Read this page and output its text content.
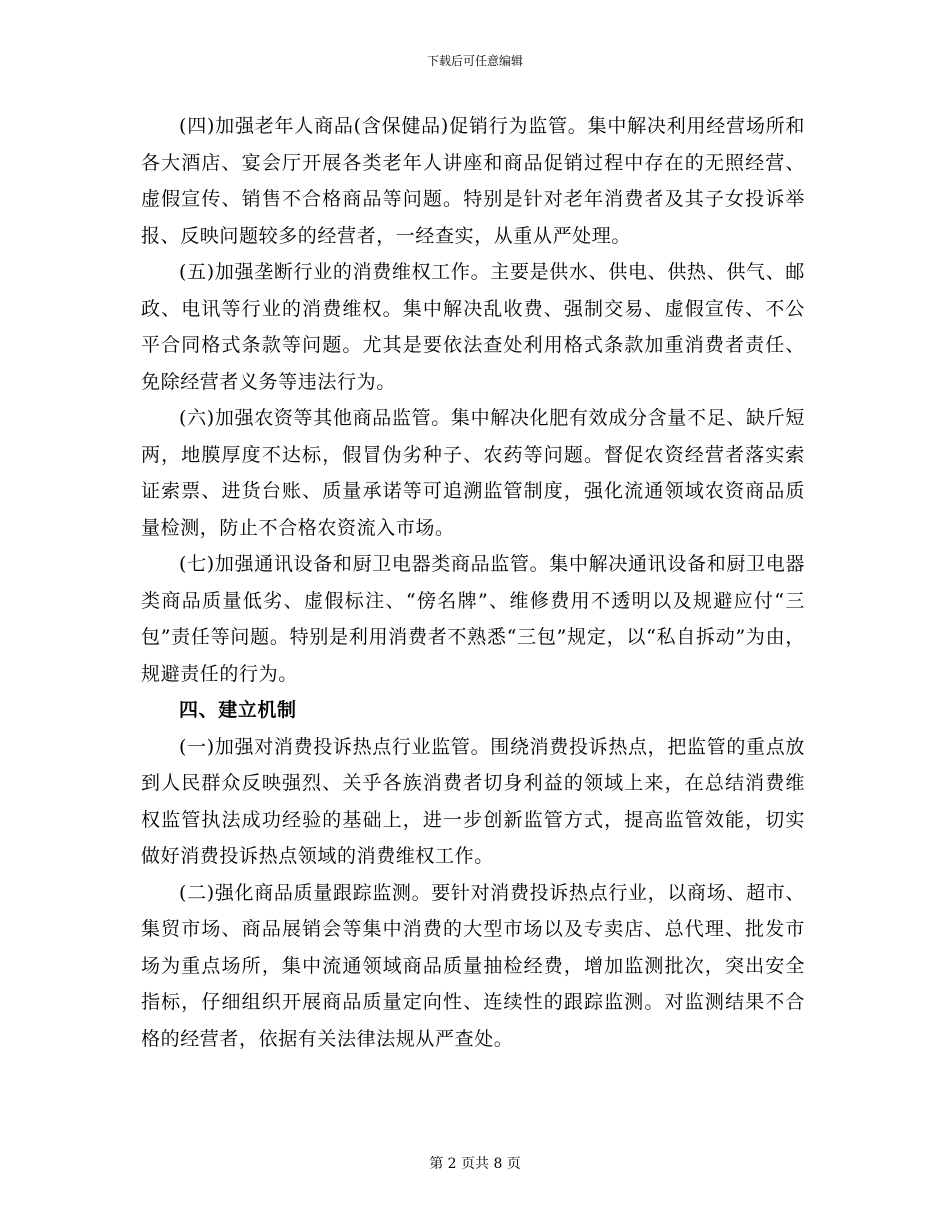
下载后可任意编辑

(四)加强老年人商品(含保健品)促销行为监管。集中解决利用经营场所和各大酒店、宴会厅开展各类老年人讲座和商品促销过程中存在的无照经营、虚假宣传、销售不合格商品等问题。特别是针对老年消费者及其子女投诉举报、反映问题较多的经营者，一经查实，从重从严处理。

(五)加强垄断行业的消费维权工作。主要是供水、供电、供热、供气、邮政、电讯等行业的消费维权。集中解决乱收费、强制交易、虚假宣传、不公平合同格式条款等问题。尤其是要依法查处利用格式条款加重消费者责任、免除经营者义务等违法行为。

(六)加强农资等其他商品监管。集中解决化肥有效成分含量不足、缺斤短两，地膜厚度不达标，假冒伪劣种子、农药等问题。督促农资经营者落实索证索票、进货台账、质量承诺等可追溯监管制度，强化流通领域农资商品质量检测，防止不合格农资流入市场。

(七)加强通讯设备和厨卫电器类商品监管。集中解决通讯设备和厨卫电器类商品质量低劣、虚假标注、“傍名牌”、维修费用不透明以及规避应付“三包”责任等问题。特别是利用消费者不熟悉“三包”规定，以“私自拆动”为由，规避责任的行为。

四、建立机制

(一)加强对消费投诉热点行业监管。围绕消费投诉热点，把监管的重点放到人民群众反映强烈、关乎各族消费者切身利益的领域上来，在总结消费维权监管执法成功经验的基础上，进一步创新监管方式，提高监管效能，切实做好消费投诉热点领域的消费维权工作。

(二)强化商品质量跟踪监测。要针对消费投诉热点行业，以商场、超市、集贸市场、商品展销会等集中消费的大型市场以及专卖店、总代理、批发市场为重点场所，集中流通领域商品质量抽检经费，增加监测批次，突出安全指标，仔细组织开展商品质量定向性、连续性的跟踪监测。对监测结果不合格的经营者，依据有关法律法规从严查处。

第 2 页共 8 页
